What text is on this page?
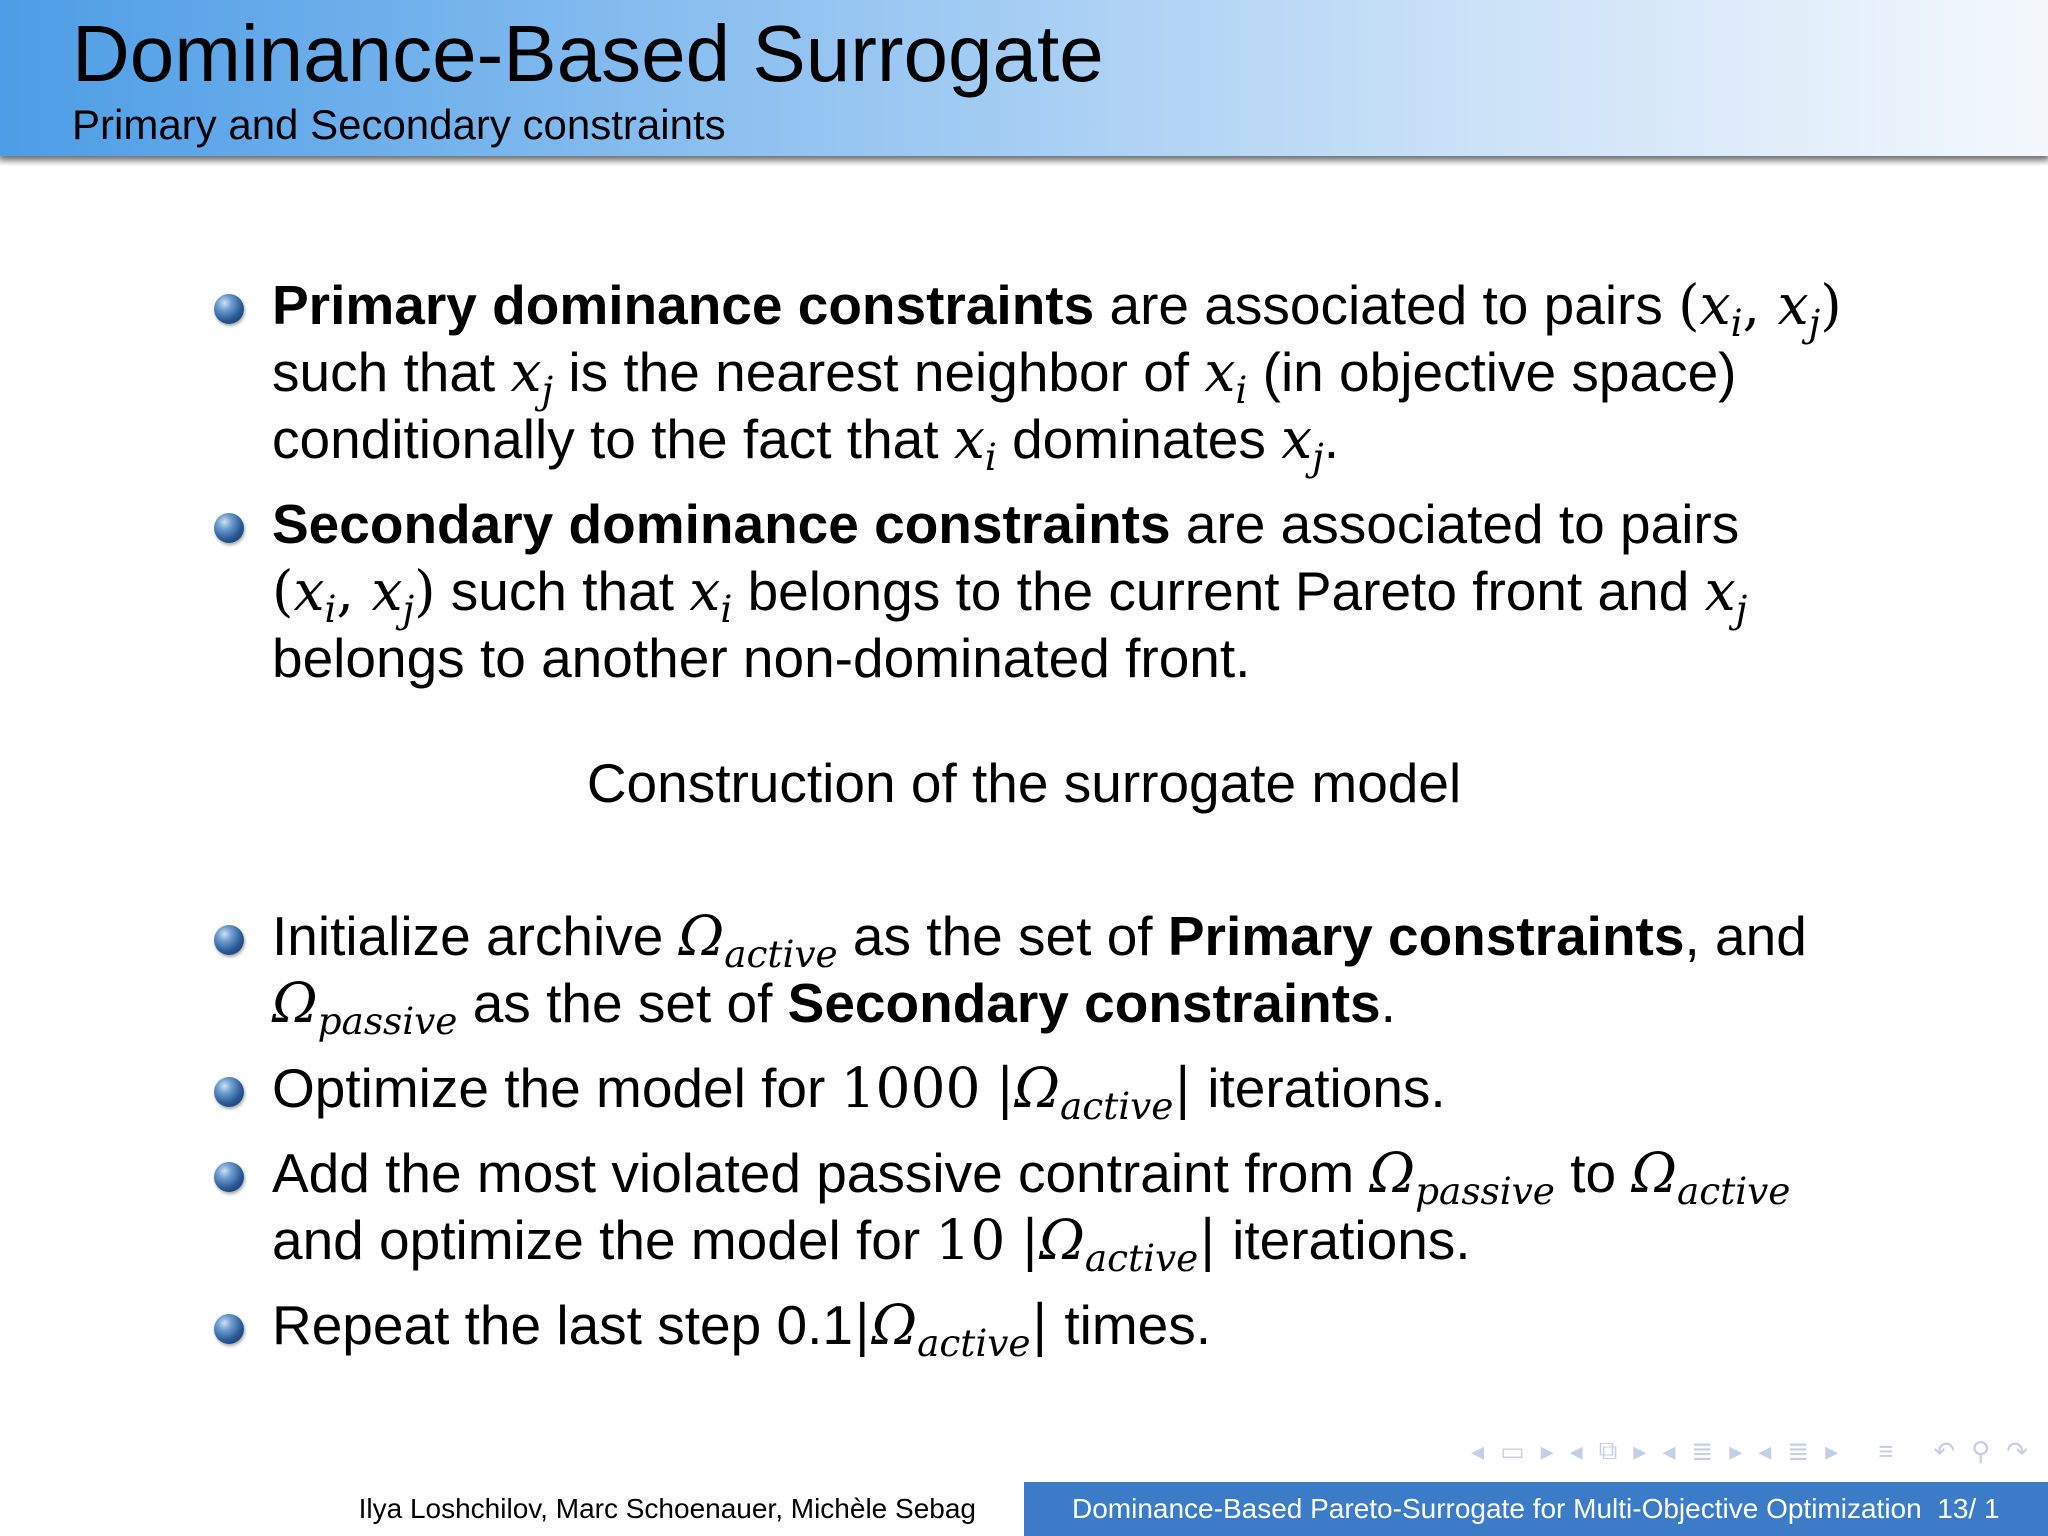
Dominance-Based Surrogate
Primary and Secondary constraints
Primary dominance constraints are associated to pairs ($x_i$, $x_j$)
such that $x_j$ is the nearest neighbor of $x_i$ (in objective space)
conditionally to the fact that $x_i$ dominates $x_j$.
Secondary dominance constraints are associated to pairs
($x_i$, $x_j$) such that $x_i$ belongs to the current Pareto front and $x_j$
belongs to another non-dominated front.
Construction of the surrogate model
Initialize archive $\Omega_{active}$ as the set of Primary constraints, and
$\Omega_{passive}$ as the set of Secondary constraints.
Optimize the model for 1000 $|\Omega_{active}|$ iterations.
Add the most violated passive contraint from $\Omega_{passive}$ to $\Omega_{active}$
and optimize the model for 10 $|\Omega_{active}|$ iterations.
Repeat the last step $0.1|\Omega_{active}|$ times.
◂ ▭ ▸ ◂ ⧉ ▸ ◂ ≣ ▸ ◂ ≣ ▸ ≡ ↶ ⚲ ↷
Ilya Loshchilov, Marc Schoenauer, Michèle Sebag	Dominance-Based Pareto-Surrogate for Multi-Objective Optimization 13/ 1
